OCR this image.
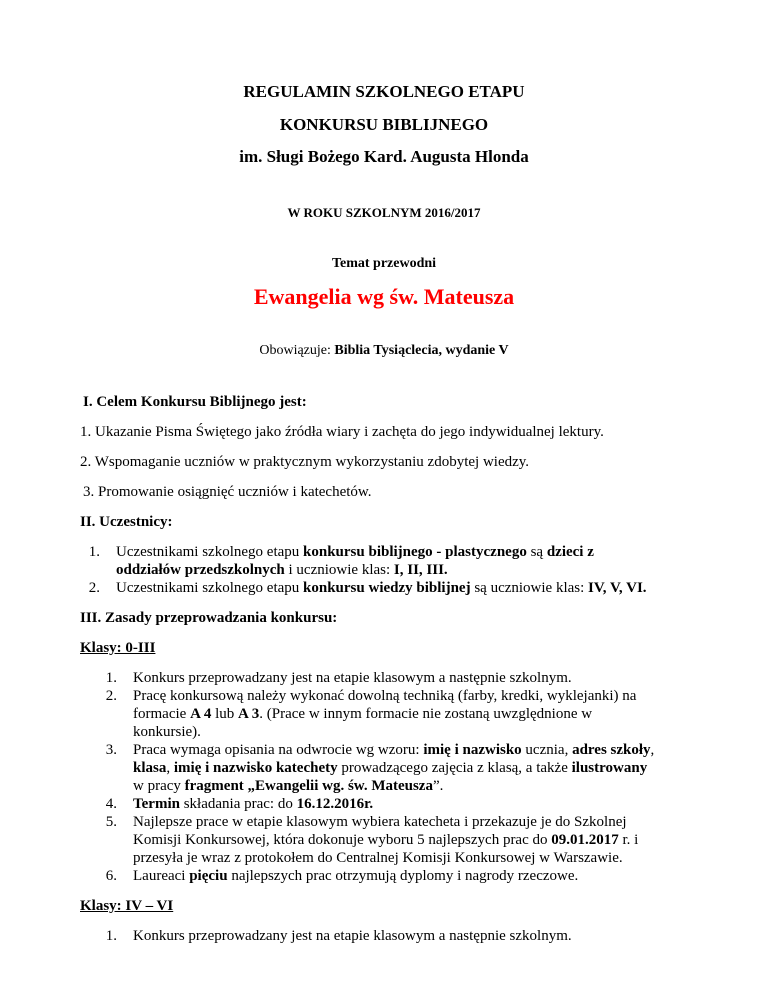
REGULAMIN SZKOLNEGO ETAPU

KONKURSU BIBLIJNEGO

im. Sługi Bożego Kard. Augusta Hlonda

W ROKU SZKOLNYM 2016/2017

Temat przewodni

Ewangelia wg św. Mateusza

Obowiązuje: Biblia Tysiąclecia, wydanie V

I. Celem Konkursu Biblijnego jest:

1. Ukazanie Pisma Świętego jako źródła wiary i zachęta do jego indywidualnej lektury.

2. Wspomaganie uczniów w praktycznym wykorzystaniu zdobytej wiedzy.

3. Promowanie osiągnięć uczniów i katechetów.

II. Uczestnicy:

1. Uczestnikami szkolnego etapu konkursu biblijnego - plastycznego są dzieci z

oddziałów przedszkolnych i uczniowie klas: I, II, III.

2. Uczestnikami szkolnego etapu konkursu wiedzy biblijnej są uczniowie klas: IV, V, VI.

III. Zasady przeprowadzania konkursu:

Klasy: 0-III

1. Konkurs przeprowadzany jest na etapie klasowym a następnie szkolnym.

2. Pracę konkursową należy wykonać dowolną techniką (farby, kredki, wyklejanki) na

formacie A 4 lub A 3. (Prace w innym formacie nie zostaną uwzględnione w

konkursie).

3. Praca wymaga opisania na odwrocie wg wzoru: imię i nazwisko ucznia, adres szkoły,

klasa, imię i nazwisko katechety prowadzącego zajęcia z klasą, a także ilustrowany

w pracy fragment „Ewangelii wg. św. Mateusza”.

4. Termin składania prac: do 16.12.2016r.

5. Najlepsze prace w etapie klasowym wybiera katecheta i przekazuje je do Szkolnej

Komisji Konkursowej, która dokonuje wyboru 5 najlepszych prac do 09.01.2017 r. i

przesyła je wraz z protokołem do Centralnej Komisji Konkursowej w Warszawie.

6. Laureaci pięciu najlepszych prac otrzymują dyplomy i nagrody rzeczowe.

Klasy: IV – VI

1. Konkurs przeprowadzany jest na etapie klasowym a następnie szkolnym.
